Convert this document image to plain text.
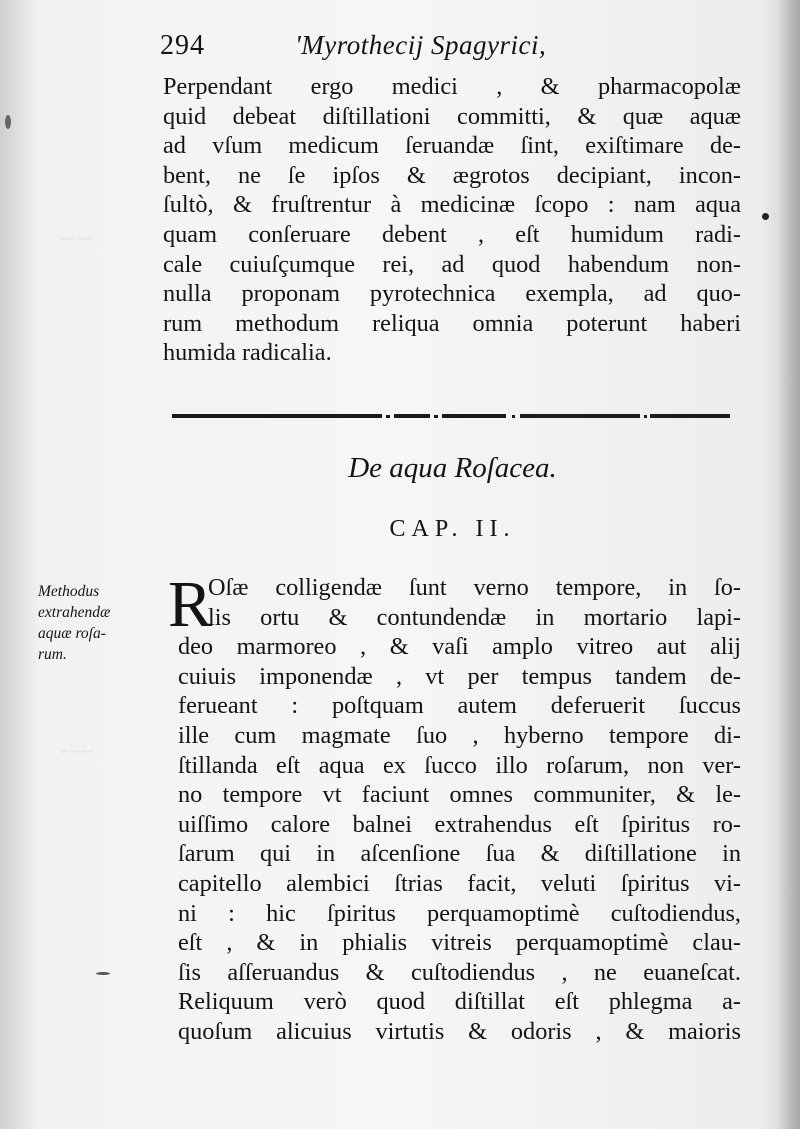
~~ ~~
~~~ ~
294	'Myrothecij Spagyrici,
Perpendant ergo medici , & pharmacopolæ
quid debeat diſtillationi committi, & quæ aquæ
ad vſum medicum ſeruandæ ſint, exiſtimare de-
bent, ne ſe ipſos & ægrotos decipiant, incon-
ſultò, & fruſtrentur à medicinæ ſcopo : nam aqua
quam conſeruare debent , eſt humidum radi-
cale cuiuſçumque rei, ad quod habendum non-
nulla proponam pyrotechnica exempla, ad quo-
rum methodum reliqua omnia poterunt haberi
humida radicalia.
De aqua Roſacea.
CAP. II.
Methodus
extrahendæ
aquæ roſa-
rum.
R
Oſæ colligendæ ſunt verno tempore, in ſo-
lis ortu & contundendæ in mortario lapi-
deo marmoreo , & vaſi amplo vitreo aut alij
cuiuis imponendæ , vt per tempus tandem de-
ferueant : poſtquam autem deferuerit ſuccus
ille cum magmate ſuo , hyberno tempore di-
ſtillanda eſt aqua ex ſucco illo roſarum, non ver-
no tempore vt faciunt omnes communiter, & le-
uiſſimo calore balnei extrahendus eſt ſpiritus ro-
ſarum qui in aſcenſione ſua & diſtillatione in
capitello alembici ſtrias facit, veluti ſpiritus vi-
ni : hic ſpiritus perquamoptimè cuſtodiendus,
eſt , & in phialis vitreis perquamoptimè clau-
ſis aſſeruandus & cuſtodiendus , ne euaneſcat.
Reliquum verò quod diſtillat eſt phlegma a-
quoſum alicuius virtutis & odoris , & maioris
